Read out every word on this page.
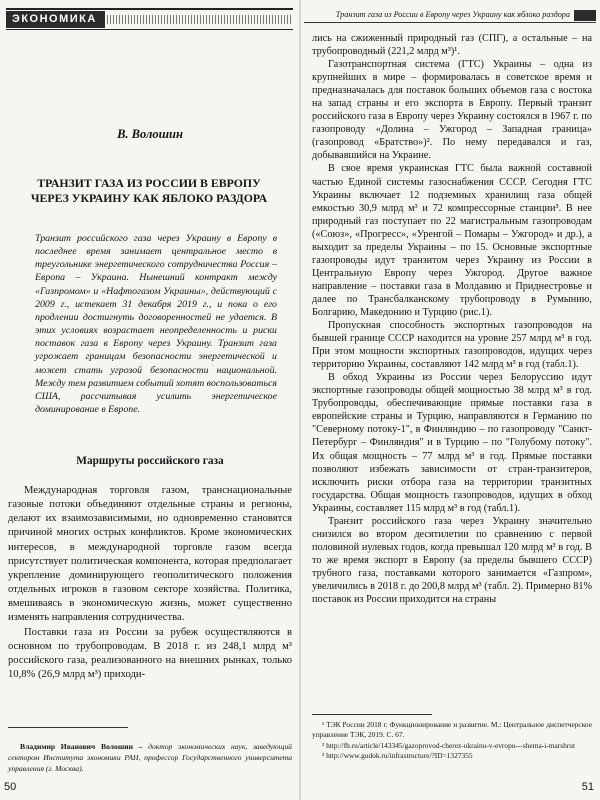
ЭКОНОМИКА
В. Волошин
ТРАНЗИТ ГАЗА ИЗ РОССИИ В ЕВРОПУ ЧЕРЕЗ УКРАИНУ КАК ЯБЛОКО РАЗДОРА

Транзит российского газа через Украину в Европу в последнее время занимает центральное место в треугольнике энергетического сотрудничества Россия – Европа – Украина. Нынешний контракт между «Газпромом» и «Нафтогазом Украины», действующий с 2009 г., истекает 31 декабря 2019 г., и пока о его продлении достигнуть договоренностей не удается. В этих условиях возрастает неопределенность и риски поставок газа в Европу через Украину. Транзит газа угрожает границам безопасности энергетической и может стать угрозой безопасности национальной. Между тем развитием событий хотят воспользоваться США, рассчитывая усилить энергетическое доминирование в Европе.

Маршруты российского газа

Международная торговля газом, транснациональные газовые потоки объединяют отдельные страны и регионы, делают их взаимозависимыми, но одновременно становятся причиной многих острых конфликтов. Кроме экономических интересов, в международной торговле газом всегда присутствует политическая компонента, которая предполагает укрепление доминирующего геополитического положения отдельных игроков в газовом секторе хозяйства. Политика, вмешиваясь в экономическую жизнь, может существенно изменять направления сотрудничества.

Поставки газа из России за рубеж осуществляются в основном по трубопроводам. В 2018 г. из 248,1 млрд м³ российского газа, реализованного на внешних рынках, только 10,8% (26,9 млрд м³) приходи-

Владимир Иванович Волошин – доктор экономических наук, заведующий сектором Института экономики РАН, профессор Государственного университета управления (г. Москва).

50
Транзит газа из России в Европу через Украину как яблоко раздора

лись на сжиженный природный газ (СПГ), а остальные – на трубопроводный (221,2 млрд м³)¹.

Газотранспортная система (ГТС) Украины – одна из крупнейших в мире – формировалась в советское время и предназначалась для поставок больших объемов газа с востока на запад страны и его экспорта в Европу. Первый транзит российского газа в Европу через Украину состоялся в 1967 г. по газопроводу «Долина – Ужгород – Западная граница» (газопровод «Братство»)². По нему передавался и газ, добывавшийся на Украине.

В свое время украинская ГТС была важной составной частью Единой системы газоснабжения СССР. Сегодня ГТС Украины включает 12 подземных хранилищ газа общей емкостью 30,9 млрд м³ и 72 компрессорные станции³. В нее природный газ поступает по 22 магистральным газопроводам («Союз», «Прогресс», «Уренгой – Помары – Ужгород» и др.), а выходит за пределы Украины – по 15. Основные экспортные газопроводы идут транзитом через Украину из России в Центральную Европу через Ужгород. Другое важное направление – поставки газа в Молдавию и Приднестровье и далее по Трансбалканскому трубопроводу в Румынию, Болгарию, Македонию и Турцию (рис.1).

Пропускная способность экспортных газопроводов на бывшей границе СССР находится на уровне 257 млрд м³ в год. При этом мощности экспортных газопроводов, идущих через территорию Украины, составляют 142 млрд м³ в год (табл.1).

В обход Украины из России через Белоруссию идут экспортные газопроводы общей мощностью 38 млрд м³ в год. Трубопроводы, обеспечивающие прямые поставки газа в европейские страны и Турцию, направляются в Германию по "Северному потоку-1", в Финляндию – по газопроводу "Санкт-Петербург – Финляндия" и в Турцию – по "Голубому потоку". Их общая мощность – 77 млрд м³ в год. Прямые поставки позволяют избежать зависимости от стран-транзитеров, исключить риски отбора газа на территории транзитных государства. Общая мощность газопроводов, идущих в обход Украины, составляет 115 млрд м³ в год (табл.1).

Транзит российского газа через Украину значительно снизился во втором десятилетии по сравнению с первой половиной нулевых годов, когда превышал 120 млрд м³ в год. В то же время экспорт в Европу (за пределы бывшего СССР) трубного газа, поставками которого занимается «Газпром», увеличились в 2018 г. до 200,8 млрд м³ (табл. 2). Примерно 81% поставок из России приходится на страны

¹ ТЭК России 2018 г. Функционирование и развитие. М.: Центральное диспетчерское управление ТЭК, 2019. С. 67.
² http://fb.ru/article/143345/gazoprovod-cherez-ukrainu-v-evropu---shema-i-marshrut
³ http://www.gudok.ru/infrastructure/?ID=1327355
51
